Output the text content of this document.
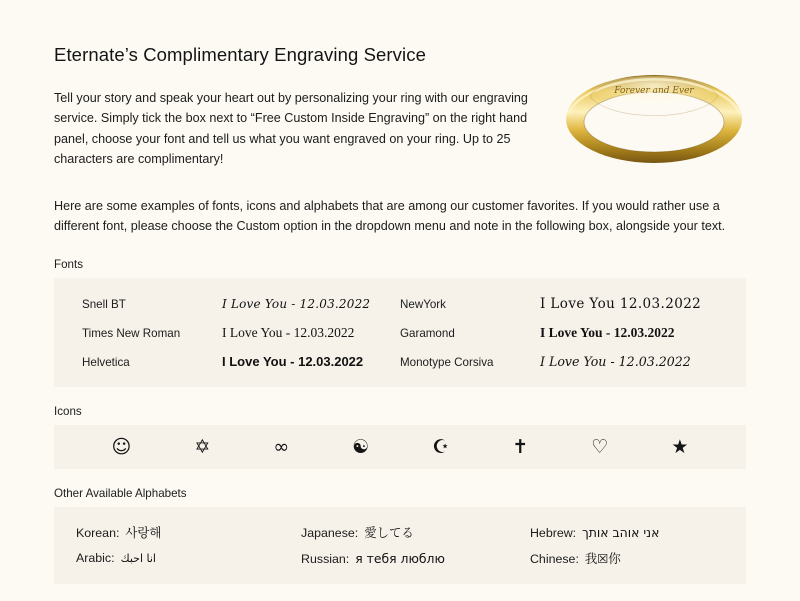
Eternate’s Complimentary Engraving Service
Forever and Ever

Tell your story and speak your heart out by personalizing your ring with our engraving service. Simply tick the box next to “Free Custom Inside Engraving” on the right hand panel, choose your font and tell us what you want engraved on your ring. Up to 25 characters are complimentary!

Here are some examples of fonts, icons and alphabets that are among our customer favorites. If you would rather use a different font, please choose the Custom option in the dropdown menu and note in the following box, alongside your text.

Fonts
Snell BT	I Love You - 12.03.2022	NewYork	I Love You 12.03.2022
Times New Roman	I Love You - 12.03.2022	Garamond	I Love You - 12.03.2022
Helvetica	I Love You - 12.03.2022	Monotype Corsiva	I Love You - 12.03.2022
Icons
☺	✡	∞	☯	☪	✝	♡	★
Other Available Alphabets
Korean: 사랑해	Japanese: 愛してる	Hebrew: אני אוהב אותך
Arabic: انا احبك	Russian: я тебя люблю	Chinese: 我☒你
